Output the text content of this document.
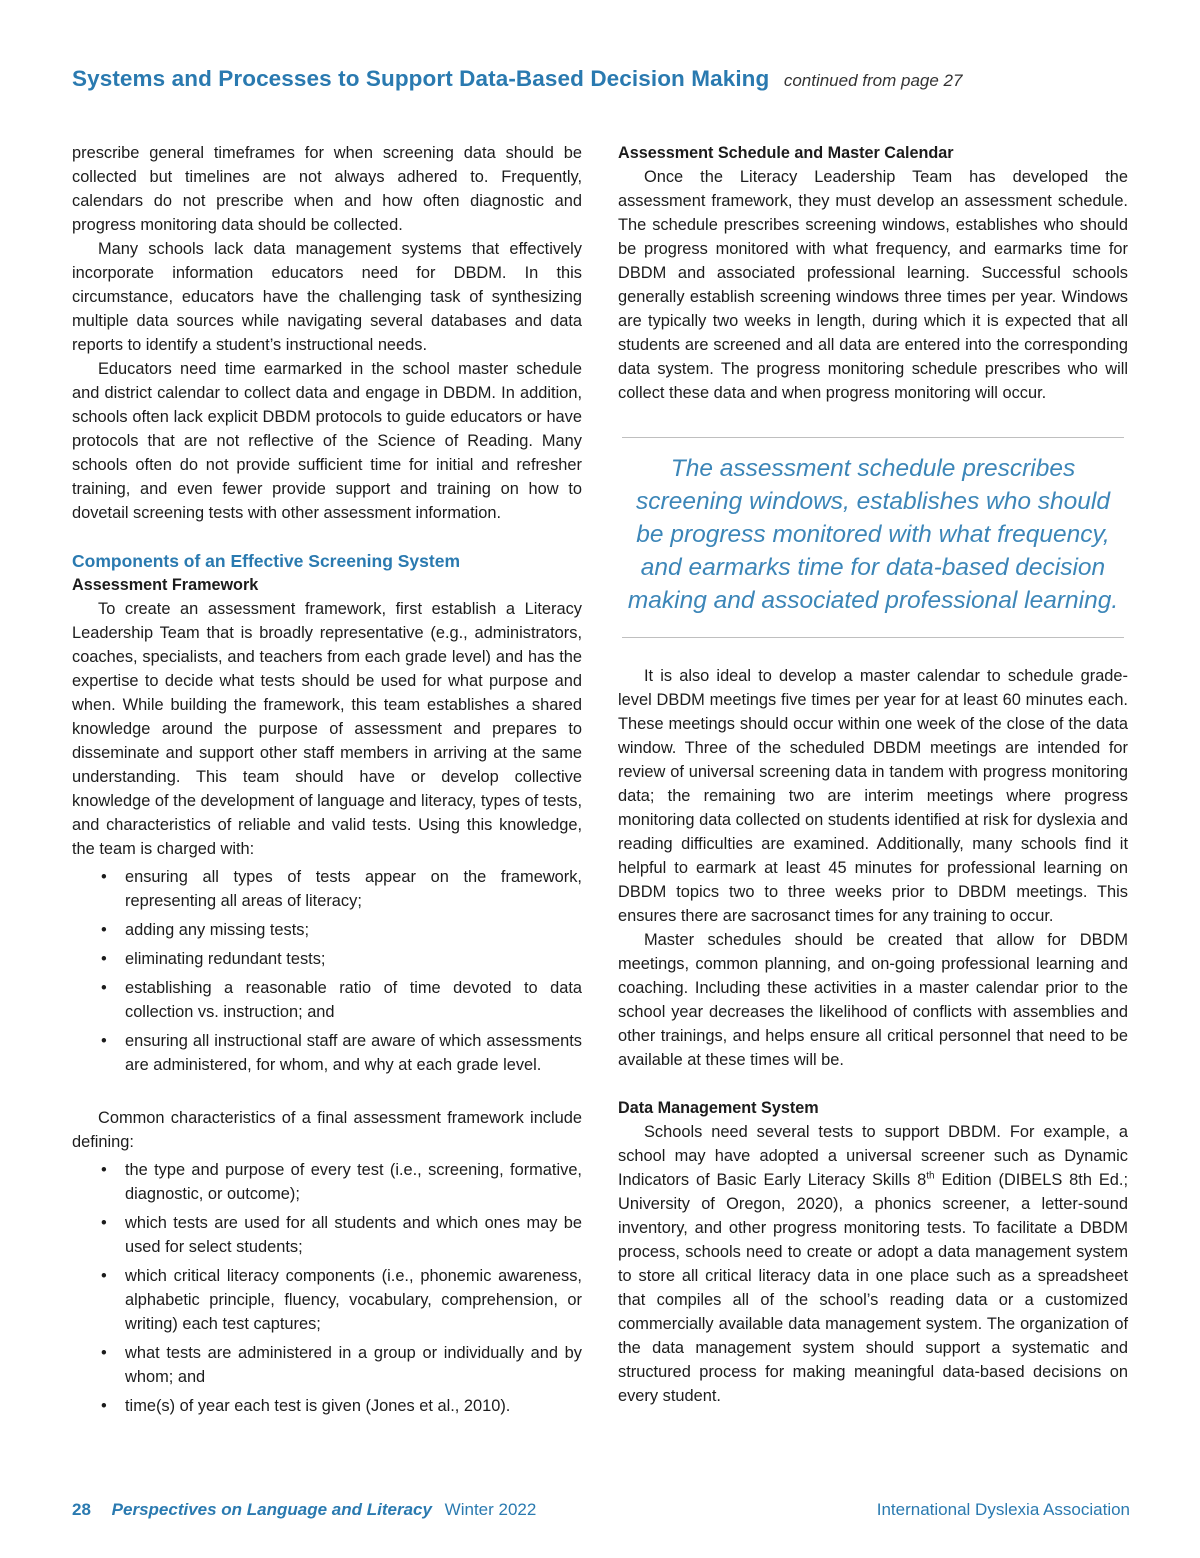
Systems and Processes to Support Data-Based Decision Making continued from page 27

prescribe general timeframes for when screening data should be collected but timelines are not always adhered to. Frequently, calendars do not prescribe when and how often diagnostic and progress monitoring data should be collected.

Many schools lack data management systems that effectively incorporate information educators need for DBDM. In this circumstance, educators have the challenging task of synthesizing multiple data sources while navigating several databases and data reports to identify a student’s instructional needs.

Educators need time earmarked in the school master schedule and district calendar to collect data and engage in DBDM. In addition, schools often lack explicit DBDM protocols to guide educators or have protocols that are not reflective of the Science of Reading. Many schools often do not provide sufficient time for initial and refresher training, and even fewer provide support and training on how to dovetail screening tests with other assessment information.

Components of an Effective Screening System
Assessment Framework

To create an assessment framework, first establish a Literacy Leadership Team that is broadly representative (e.g., administrators, coaches, specialists, and teachers from each grade level) and has the expertise to decide what tests should be used for what purpose and when. While building the framework, this team establishes a shared knowledge around the purpose of assessment and prepares to disseminate and support other staff members in arriving at the same understanding. This team should have or develop collective knowledge of the development of language and literacy, types of tests, and characteristics of reliable and valid tests. Using this knowledge, the team is charged with:

• ensuring all types of tests appear on the framework, representing all areas of literacy;
• adding any missing tests;
• eliminating redundant tests;
• establishing a reasonable ratio of time devoted to data collection vs. instruction; and
• ensuring all instructional staff are aware of which assessments are administered, for whom, and why at each grade level.

Common characteristics of a final assessment framework include defining:

• the type and purpose of every test (i.e., screening, formative, diagnostic, or outcome);
• which tests are used for all students and which ones may be used for select students;
• which critical literacy components (i.e., phonemic awareness, alphabetic principle, fluency, vocabulary, comprehension, or writing) each test captures;
• what tests are administered in a group or individually and by whom; and
• time(s) of year each test is given (Jones et al., 2010).
Assessment Schedule and Master Calendar

Once the Literacy Leadership Team has developed the assessment framework, they must develop an assessment schedule. The schedule prescribes screening windows, establishes who should be progress monitored with what frequency, and earmarks time for DBDM and associated professional learning. Successful schools generally establish screening windows three times per year. Windows are typically two weeks in length, during which it is expected that all students are screened and all data are entered into the corresponding data system. The progress monitoring schedule prescribes who will collect these data and when progress monitoring will occur.

The assessment schedule prescribes screening windows, establishes who should be progress monitored with what frequency, and earmarks time for data-based decision making and associated professional learning.

It is also ideal to develop a master calendar to schedule grade-level DBDM meetings five times per year for at least 60 minutes each. These meetings should occur within one week of the close of the data window. Three of the scheduled DBDM meetings are intended for review of universal screening data in tandem with progress monitoring data; the remaining two are interim meetings where progress monitoring data collected on students identified at risk for dyslexia and reading difficulties are examined. Additionally, many schools find it helpful to earmark at least 45 minutes for professional learning on DBDM topics two to three weeks prior to DBDM meetings. This ensures there are sacrosanct times for any training to occur.

Master schedules should be created that allow for DBDM meetings, common planning, and on-going professional learning and coaching. Including these activities in a master calendar prior to the school year decreases the likelihood of conflicts with assemblies and other trainings, and helps ensure all critical personnel that need to be available at these times will be.

Data Management System

Schools need several tests to support DBDM. For example, a school may have adopted a universal screener such as Dynamic Indicators of Basic Early Literacy Skills 8th Edition (DIBELS 8th Ed.; University of Oregon, 2020), a phonics screener, a letter-sound inventory, and other progress monitoring tests. To facilitate a DBDM process, schools need to create or adopt a data management system to store all critical literacy data in one place such as a spreadsheet that compiles all of the school’s reading data or a customized commercially available data management system. The organization of the data management system should support a systematic and structured process for making meaningful data-based decisions on every student.

28 Perspectives on Language and Literacy Winter 2022	International Dyslexia Association
